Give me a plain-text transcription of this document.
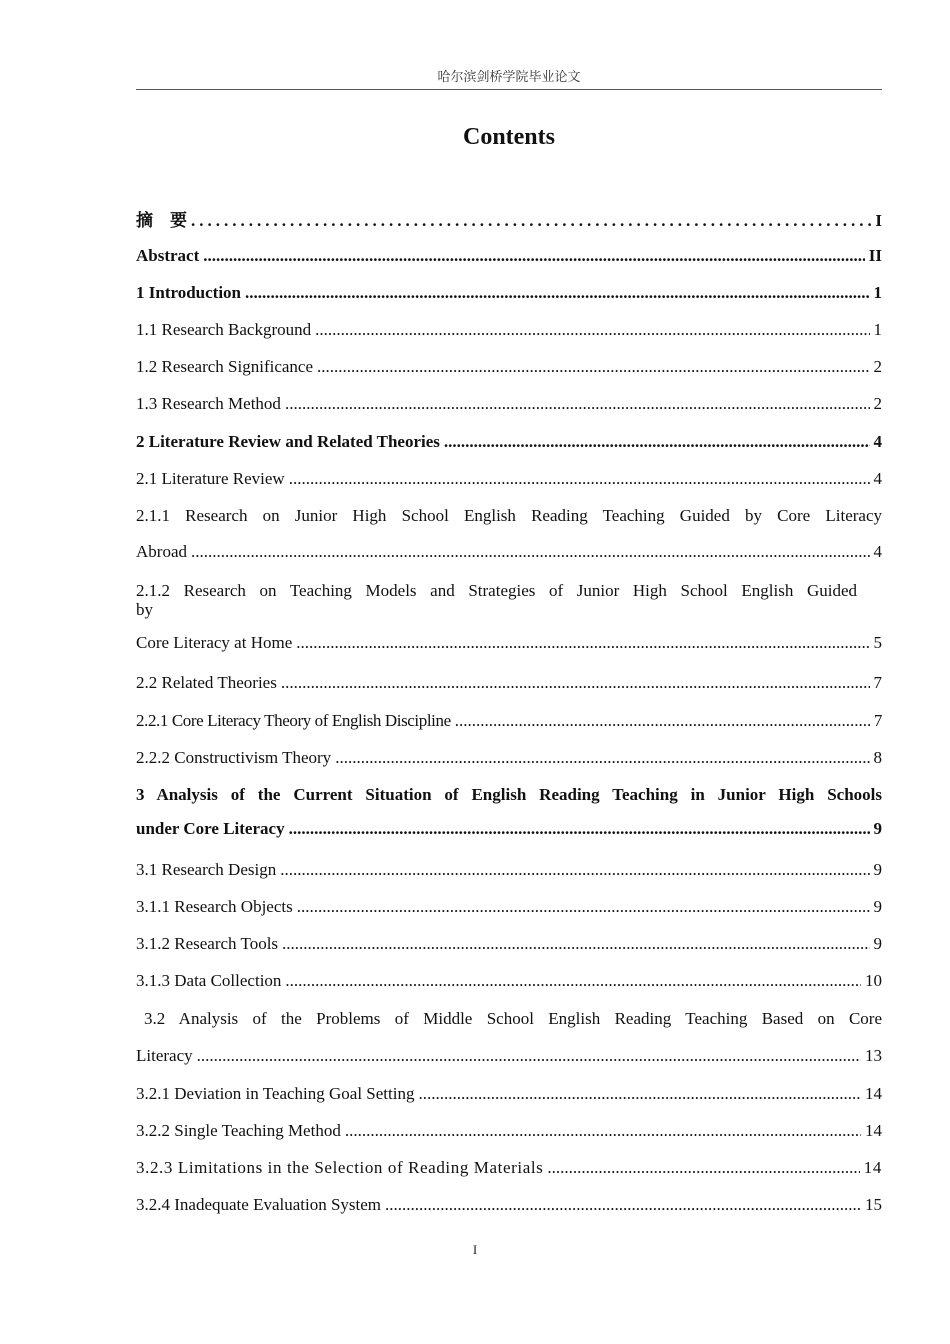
哈尔滨剑桥学院毕业论文
Contents
摘　要 .....	I
Abstract .....	II
1 Introduction .....	1
1.1 Research Background .....	1
1.2 Research Significance .....	2
1.3 Research Method .....	2
2 Literature Review and Related Theories .....	4
2.1 Literature Review .....	4
2.1.1 Research on Junior High School English Reading Teaching Guided by Core Literacy
Abroad .....	4
2.1.2 Research on Teaching Models and Strategies of Junior High School English Guided
by
Core Literacy at Home .....	5
2.2 Related Theories .....	7
2.2.1 Core Literacy Theory of English Discipline .....	7
2.2.2 Constructivism Theory .....	8
3 Analysis of the Current Situation of English Reading Teaching in Junior High Schools
under Core Literacy .....	9
3.1 Research Design .....	9
3.1.1 Research Objects .....	9
3.1.2 Research Tools .....	9
3.1.3 Data Collection .....	10
3.2 Analysis of the Problems of Middle School English Reading Teaching Based on Core
Literacy .....	13
3.2.1 Deviation in Teaching Goal Setting .....	14
3.2.2 Single Teaching Method .....	14
3.2.3 Limitations in the Selection of Reading Materials .....	14
3.2.4 Inadequate Evaluation System .....	15
I
